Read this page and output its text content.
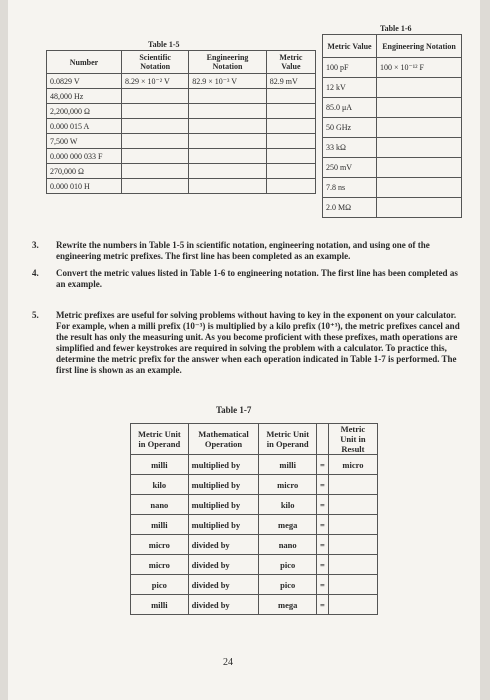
Table 1-5
Number	Scientific Notation	Engineering Notation	Metric Value
0.0829 V	8.29 × 10⁻² V	82.9 × 10⁻³ V	82.9 mV
48,000 Hz			
2,200,000 Ω			
0.000 015 A			
7,500 W			
0.000 000 033 F			
270,000 Ω			
0.000 010 H			
Table 1-6
Metric Value	Engineering Notation
100 pF	100 × 10⁻¹² F
12 kV	
85.0 μA	
50 GHz	
33 kΩ	
250 mV	
7.8 ns	
2.0 MΩ	
3. Rewrite the numbers in Table 1-5 in scientific notation, engineering notation, and using one of the engineering metric prefixes. The first line has been completed as an example.
4. Convert the metric values listed in Table 1-6 to engineering notation. The first line has been completed as an example.
5. Metric prefixes are useful for solving problems without having to key in the exponent on your calculator. For example, when a milli prefix (10⁻³) is multiplied by a kilo prefix (10⁺³), the metric prefixes cancel and the result has only the measuring unit. As you become proficient with these prefixes, math operations are simplified and fewer keystrokes are required in solving the problem with a calculator. To practice this, determine the metric prefix for the answer when each operation indicated in Table 1-7 is performed. The first line is shown as an example.
Table 1-7
Metric Unit in Operand	Mathematical Operation	Metric Unit in Operand		Metric Unit in Result
milli	multiplied by	milli	=	micro
kilo	multiplied by	micro	=	
nano	multiplied by	kilo	=	
milli	multiplied by	mega	=	
micro	divided by	nano	=	
micro	divided by	pico	=	
pico	divided by	pico	=	
milli	divided by	mega	=	
24
